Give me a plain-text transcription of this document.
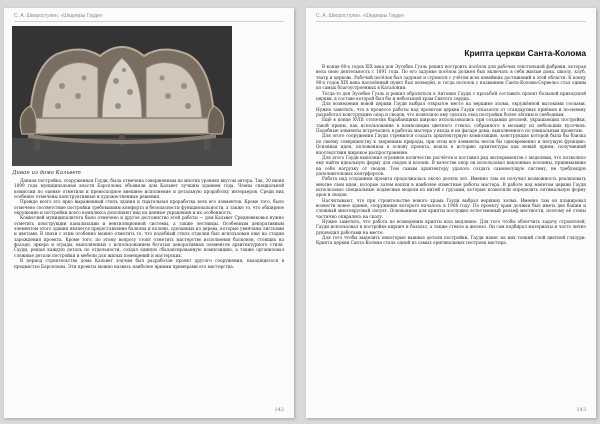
С. А. Шворостулин. «Шедевры Гауди»
Диван из дома Кальвет

Данная постройка, сооруженная Гауди, была отмечена совершенным на многих уровнях вкусом автора. Так, 20 июня 1899 года муниципальные власти Барселоны объявили дом Кальвет лучшим зданием года. Члены специальной комиссии по оценке отметили и превосходное внешнее исполнение и детальную проработку интерьеров. Среди них особенно отмечены конструктивные и художественные решения.

Прежде всего это ярко выраженный стиль здания и тщательная проработка всех его элементов. Кроме того, было отмечено соответствие постройки требованиям комфорта и безопасности функциональности, а также то, что обширное окружение и постройки всего комплекса дополняют вид на ценные украшения и их особенность.

Комиссией муниципалитета было отмечено и другое достоинство этой работы — дом Кальвет Средневековья нужно отметить конструкции канализации и вентиляционной системы, а также лестницы. Особенным декоративным элементом этого здания является предоставление балкона и колонн, сделанных из дерева, которые увенчаны листьями и цветами. В связи с этим особенно можно отметить то, что подобный стиль отделки был использован еще на стадии зарождения проекта. Кроме того, по этому вопросу стоит отметить мастерство исполнения балконов, стоящих на фасаде, эркера и ограды, выполненных с использованием богатых декоративных элементов архитектурного стиля. Гауди, решая каждую деталь по отдельности, создал единую сбалансированную композицию, а также организовал сложные детали постройки и мебели для жилых помещений и мастерских.

В период строительства дома Кальвет зодчим был разработан проект другого сооружения, находящегося в предместье Барселоны. Эти проекты можно назвать наиболее яркими примерами его мастерства.

142
С. А. Шворостулин. «Шедевры Гауди»
Крипта церкви Санта-Колома

В конце 80-х годов XIX века дон Эусебио Гуэль решил построить посёлок для рабочих текстильной фабрики, которая вела свою деятельность с 1891 года. По его задумке посёлок должен был включать в себя жилые дома, школу, клуб, театр и церковь. Рабочий посёлок был задуман и строился с учётом всех новейших достижений в этой области. К концу 90-х годов XIX века населённый пункт был возведён, и тогда поселок с названием Санта-Колома-Сервельо стал одним из самых благоустроенных в Каталонии.

Тогда-то дон Эусебио Гуэль и решил обратиться к Антонио Гауди с просьбой составить проект большой приходской церкви, в составе которой был бы и небольшой храм Святого сердца.

Для возведения новой церкви Гауди выбрал открытое место на вершине холма, окружённой высокими соснами. Нужно заметить, что в процессе работы над проектом церкви Гауди отказался от стандартных приёмов и по-новому разработал конструкцию опор и сводов, что позволило ему сделать свод постройки более лёгким и свободным.

Ещё в конце XVIII столетия барабанщики широко использовались при создании деталей, украшающих постройки, такой прием, как использование в композиции цветного стекла, собранного в мозаику из небольших кусочков. Подобные элементы встречались в работах мастера у входа и на фасаде дома, выполненного по уникальным проектам.

Для этого сооружения Гауди стремился создать архитектурную композицию, конструкция которой была бы близка по своему совершенству к творениям природы, при этом все элементы несли бы одновременно и несущую функцию. Основная идея, положенная в основу проекта, вошла в историю архитектуры как новый прием, получивший впоследствии широкое распространение.

Для этого Гауди выполнил огромное количество расчётов и поставил ряд экспериментов с моделями, что позволило ему найти идеальную форму для сводов и колонн. В качестве опор он использовал наклонные колонны, принимавшие на себя нагрузку от сводов. Тем самым архитектору удалось создать самонесущую систему, не требующую дополнительных контрфорсов.

Работа над созданием проекта продолжалась около десяти лет. Именно там он получил возможность реализовать многие свои идеи, которые затем вошли в наиболее известные работы мастера. В работе над макетом церкви Гауди использовал специальные подвесные модели из нитей с грузами, которые позволяли определить оптимальную форму арок и сводов.

Насчитывают, что при строительстве нового храма Гауди выбрал вершину холма. Именно там он планировал возвести новое здание, сооружение которого началось в 1908 году. По проекту храм должен был иметь две башни и сложный многоярусный силуэт. Основанием для крипты послужил естественный рельеф местности, поэтому её стены частично опирались на скалу.

Нужно заметить, что работа по возведению крипты шла медленно. Для того чтобы облегчить задачу строителей, Гауди использовал в постройке кирпич и базальт, а также стекло и железо. Он сам подбирал материалы и часто лично руководил работами на месте.

Для того чтобы выделить некоторые важные детали постройки, Гауди нанес на них тонкий слой цветной глазури. Крипта церкви Санта-Колома стала одной из самых оригинальных построек мастера.

143
